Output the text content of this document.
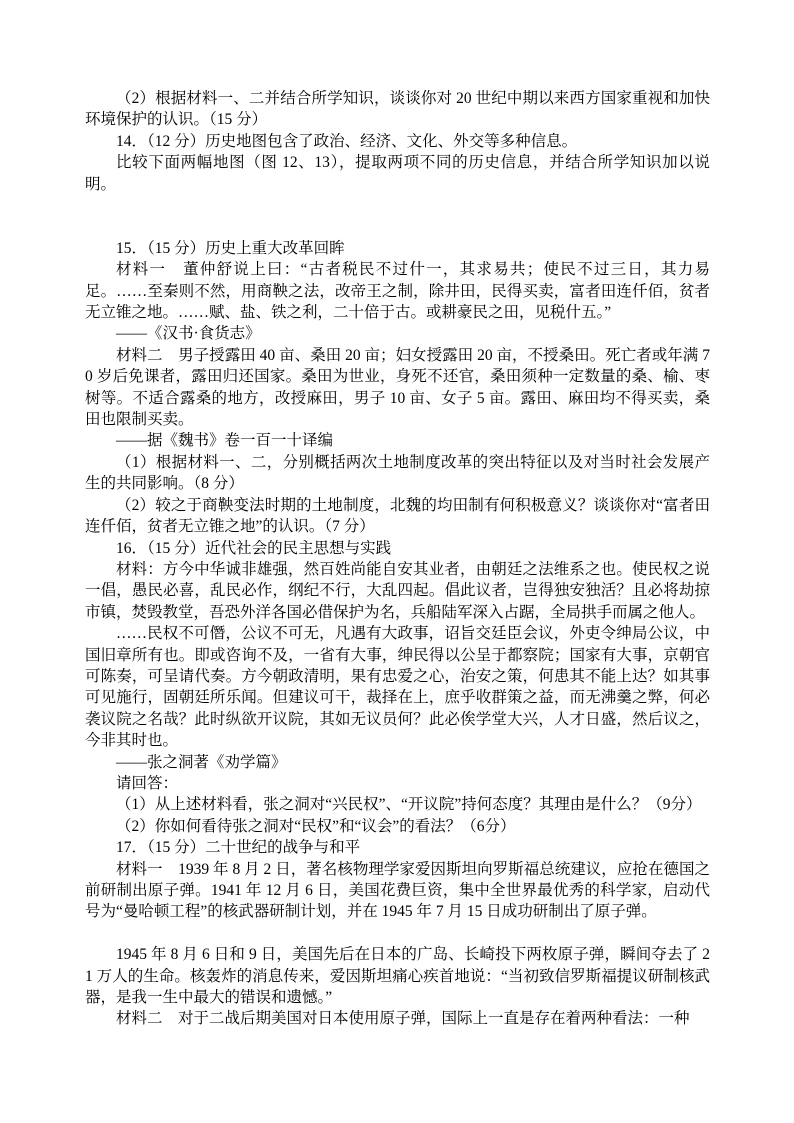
（2）根据材料一、二并结合所学知识，谈谈你对 20 世纪中期以来西方国家重视和加快环境保护的认识。（15 分）

14．（12 分）历史地图包含了政治、经济、文化、外交等多种信息。

比较下面两幅地图（图 12、13），提取两项不同的历史信息，并结合所学知识加以说明。

15．（15 分）历史上重大改革回眸

材料一　董仲舒说上曰：“古者税民不过什一，其求易共；使民不过三日，其力易足。……至秦则不然，用商鞅之法，改帝王之制，除井田，民得买卖，富者田连仟佰，贫者无立锥之地。……赋、盐、铁之利，二十倍于古。或耕豪民之田，见税什五。”

——《汉书·食货志》

材料二　男子授露田 40 亩、桑田 20 亩；妇女授露田 20 亩，不授桑田。死亡者或年满 70 岁后免课者，露田归还国家。桑田为世业，身死不还官，桑田须种一定数量的桑、榆、枣树等。不适合露桑的地方，改授麻田，男子 10 亩、女子 5 亩。露田、麻田均不得买卖，桑田也限制买卖。

——据《魏书》卷一百一十译编

（1）根据材料一、二，分别概括两次土地制度改革的突出特征以及对当时社会发展产生的共同影响。（8 分）

（2）较之于商鞅变法时期的土地制度，北魏的均田制有何积极意义？谈谈你对“富者田连仟佰，贫者无立锥之地”的认识。（7 分）

16．（15 分）近代社会的民主思想与实践

材料：方今中华诚非雄强，然百姓尚能自安其业者，由朝廷之法维系之也。使民权之说一倡，愚民必喜，乱民必作，纲纪不行，大乱四起。倡此议者，岂得独安独活？且必将劫掠市镇，焚毁教堂，吾恐外洋各国必借保护为名，兵船陆军深入占踞，全局拱手而属之他人。

……民权不可僭，公议不可无，凡遇有大政事，诏旨交廷臣会议，外吏令绅局公议，中国旧章所有也。即或咨询不及，一省有大事，绅民得以公呈于都察院；国家有大事，京朝官可陈奏，可呈请代奏。方今朝政清明，果有忠爱之心，治安之策，何患其不能上达？如其事可见施行，固朝廷所乐闻。但建议可干，裁择在上，庶乎收群策之益，而无沸羹之弊，何必袭议院之名哉？此时纵欲开议院，其如无议员何？此必俟学堂大兴，人才日盛，然后议之，今非其时也。

——张之洞著《劝学篇》

请回答：

（1）从上述材料看，张之洞对“兴民权”、“开议院”持何态度？其理由是什么？（9分）

（2）你如何看待张之洞对“民权”和“议会”的看法？（6分）

17．（15 分）二十世纪的战争与和平

材料一　1939 年 8 月 2 日，著名核物理学家爱因斯坦向罗斯福总统建议，应抢在德国之前研制出原子弹。1941 年 12 月 6 日，美国花费巨资，集中全世界最优秀的科学家，启动代号为“曼哈顿工程”的核武器研制计划，并在 1945 年 7 月 15 日成功研制出了原子弹。

1945 年 8 月 6 日和 9 日，美国先后在日本的广岛、长崎投下两枚原子弹，瞬间夺去了 21 万人的生命。核轰炸的消息传来，爱因斯坦痛心疾首地说：“当初致信罗斯福提议研制核武器，是我一生中最大的错误和遗憾。”

材料二　对于二战后期美国对日本使用原子弹，国际上一直是存在着两种看法：一种
